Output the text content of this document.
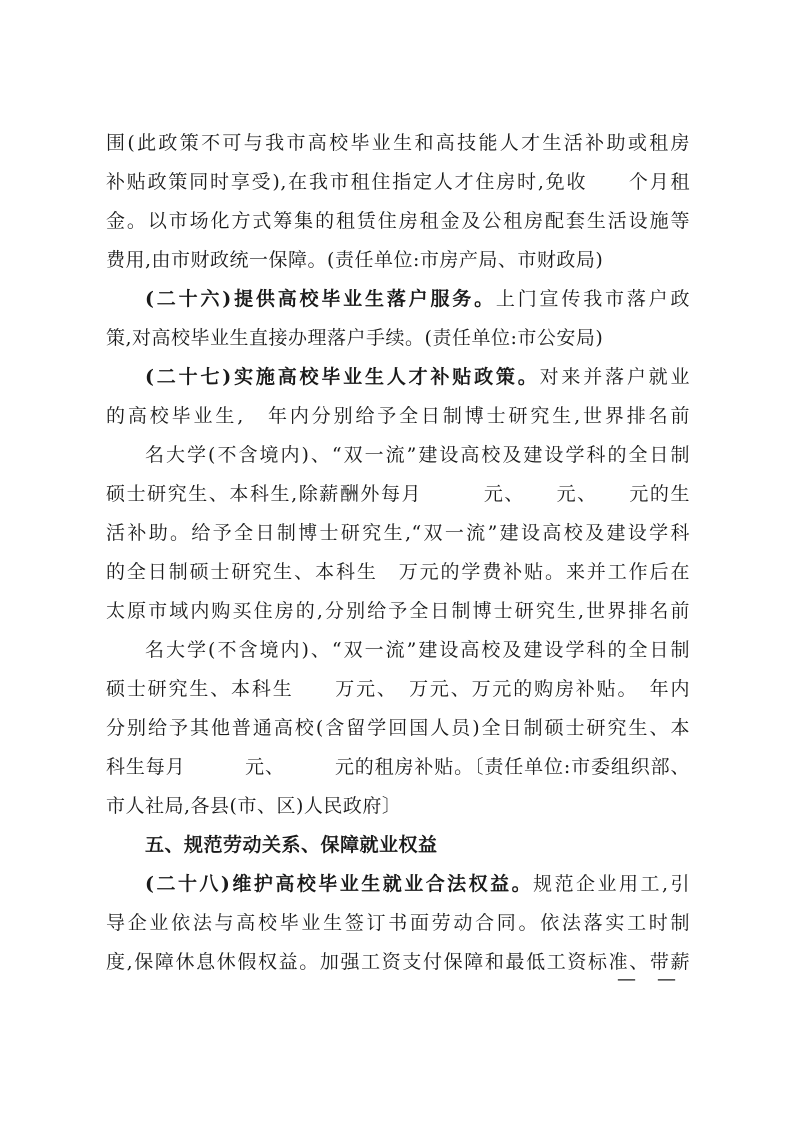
围(此政策不可与我市高校毕业生和高技能人才生活补助或租房
补贴政策同时享受),在我市租住指定人才住房时,免收　　个月租
金。以市场化方式筹集的租赁住房租金及公租房配套生活设施等
费用,由市财政统一保障。(责任单位:市房产局、市财政局)
(二十六)提供高校毕业生落户服务。上门宣传我市落户政
策,对高校毕业生直接办理落户手续。(责任单位:市公安局)
(二十七)实施高校毕业生人才补贴政策。对来并落户就业
的高校毕业生,　年内分别给予全日制博士研究生,世界排名前
名大学(不含境内)、“双一流”建设高校及建设学科的全日制
硕士研究生、本科生,除薪酬外每月　　　元、　　元、　　元的生
活补助。给予全日制博士研究生,“双一流”建设高校及建设学科
的全日制硕士研究生、本科生　万元的学费补贴。来并工作后在
太原市域内购买住房的,分别给予全日制博士研究生,世界排名前
名大学(不含境内)、“双一流”建设高校及建设学科的全日制
硕士研究生、本科生　　万元、　万元、万元的购房补贴。　年内
分别给予其他普通高校(含留学回国人员)全日制硕士研究生、本
科生每月　　　元、　　　元的租房补贴。〔责任单位:市委组织部、
市人社局,各县(市、区)人民政府〕
五、规范劳动关系、保障就业权益
(二十八)维护高校毕业生就业合法权益。规范企业用工,引
导企业依法与高校毕业生签订书面劳动合同。依法落实工时制
度,保障休息休假权益。加强工资支付保障和最低工资标准、带薪
—　—
